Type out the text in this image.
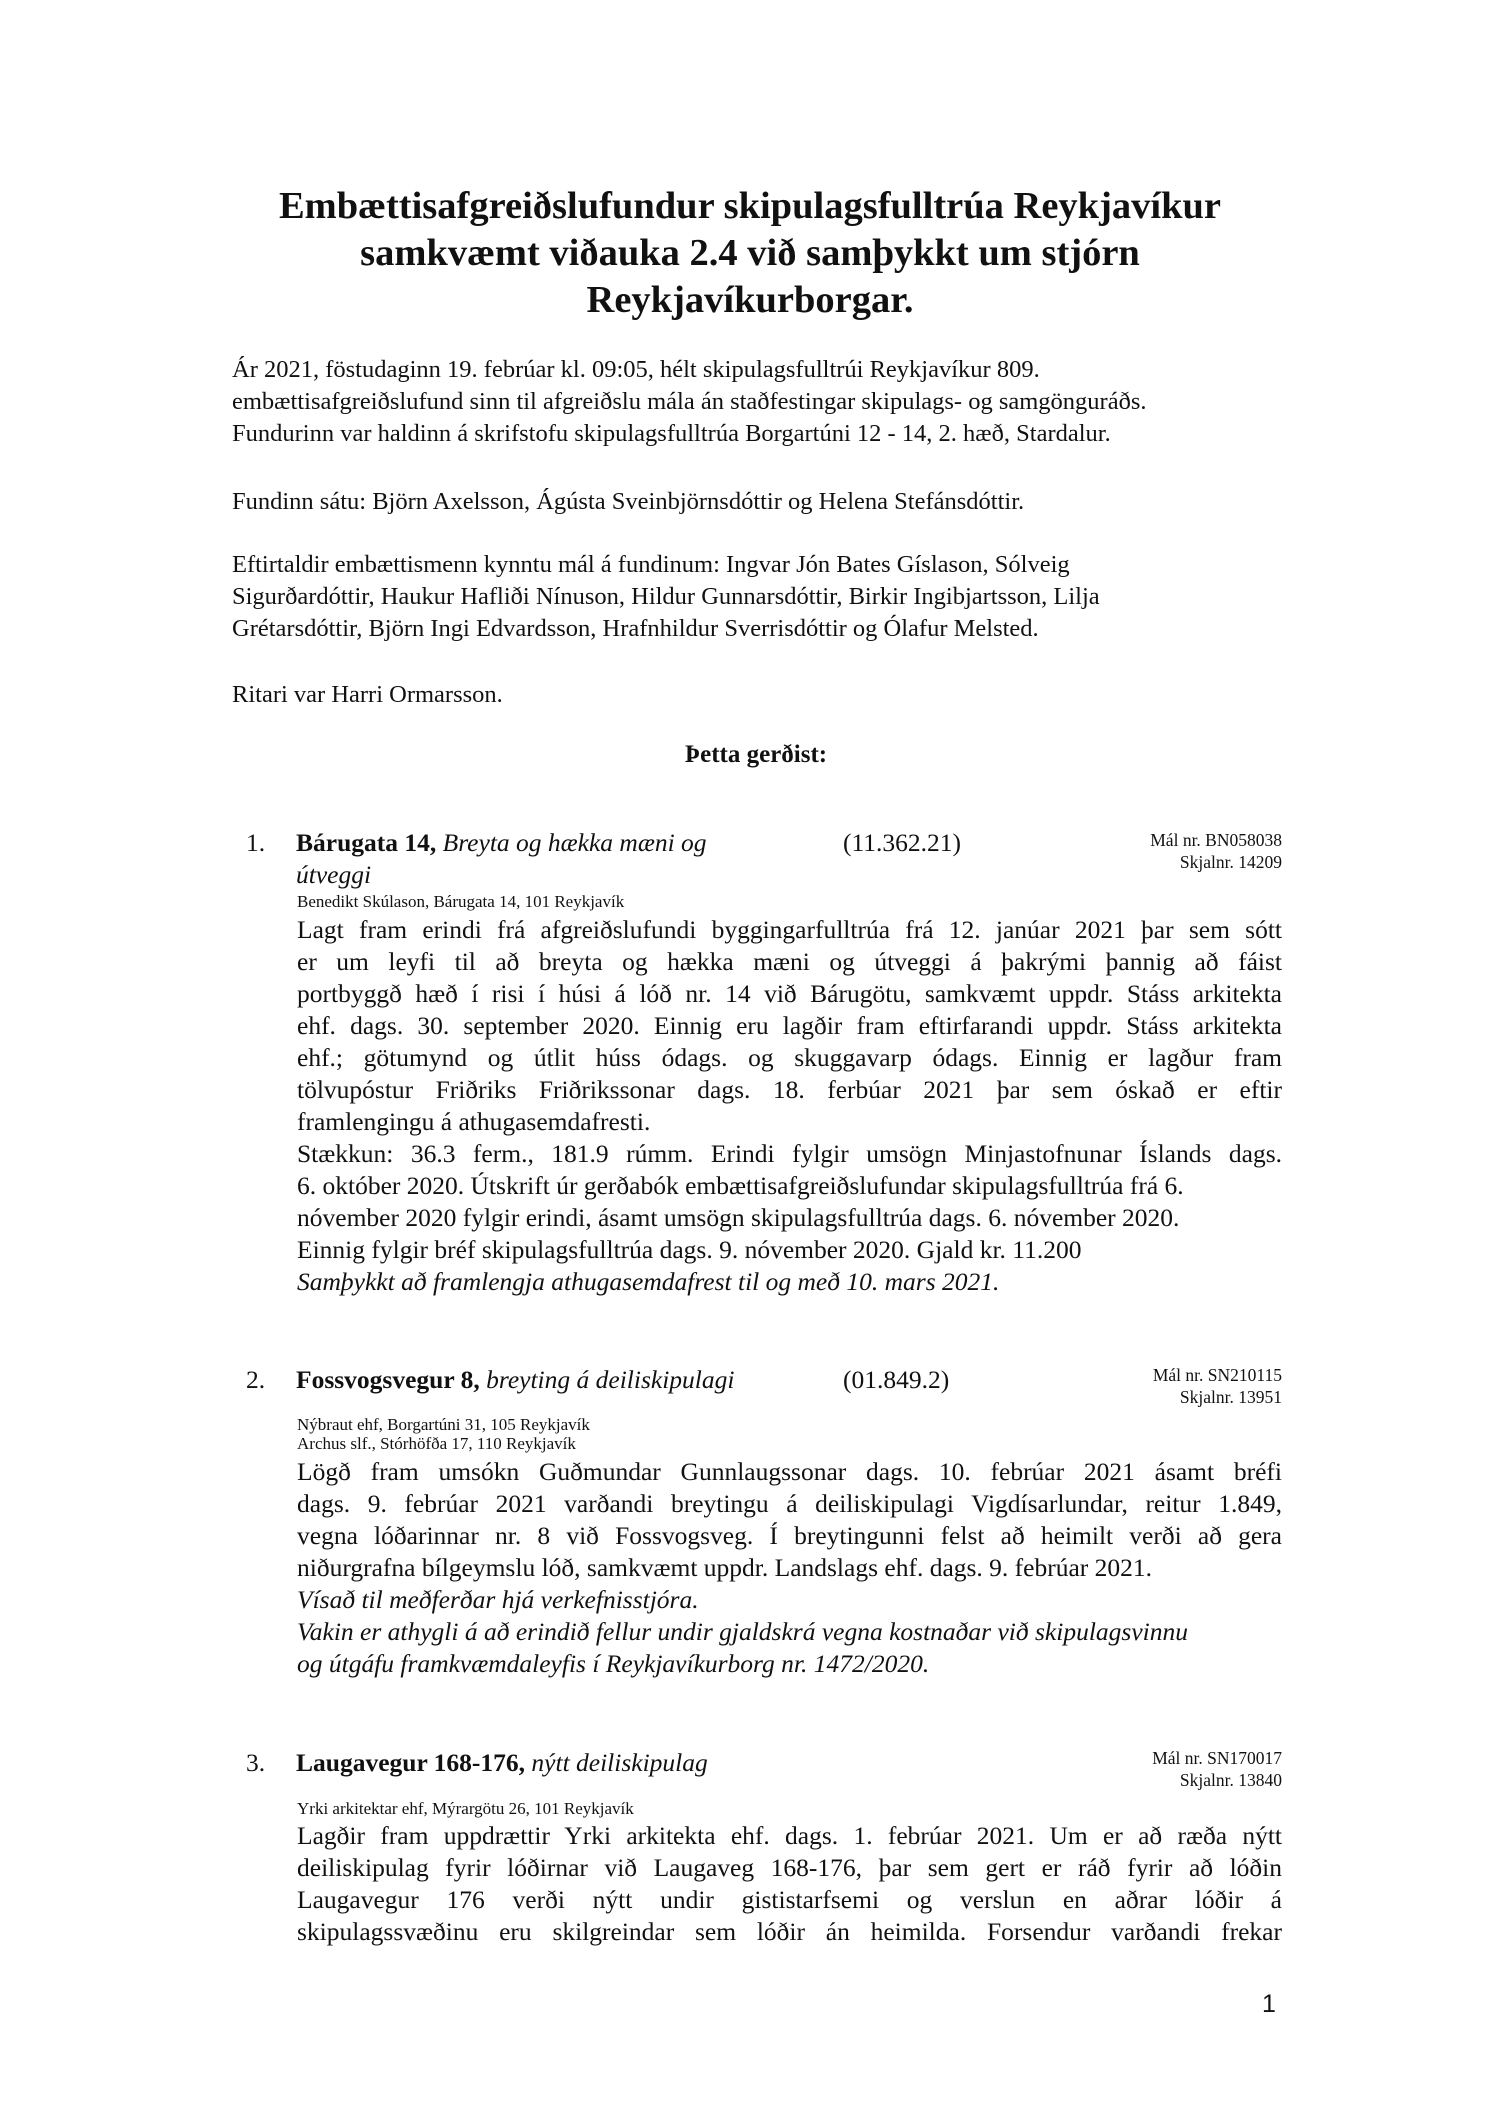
Embættisafgreiðslufundur skipulagsfulltrúa Reykjavíkur
samkvæmt viðauka 2.4 við samþykkt um stjórn
Reykjavíkurborgar.
Ár 2021, föstudaginn 19. febrúar kl. 09:05, hélt skipulagsfulltrúi Reykjavíkur 809.
embættisafgreiðslufund sinn til afgreiðslu mála án staðfestingar skipulags- og samgönguráðs.
Fundurinn var haldinn á skrifstofu skipulagsfulltrúa Borgartúni 12 - 14, 2. hæð, Stardalur.
Fundinn sátu: Björn Axelsson, Ágústa Sveinbjörnsdóttir og Helena Stefánsdóttir.
Eftirtaldir embættismenn kynntu mál á fundinum: Ingvar Jón Bates Gíslason, Sólveig
Sigurðardóttir, Haukur Hafliði Nínuson, Hildur Gunnarsdóttir, Birkir Ingibjartsson, Lilja
Grétarsdóttir, Björn Ingi Edvardsson, Hrafnhildur Sverrisdóttir og Ólafur Melsted.
Ritari var Harri Ormarsson.
Þetta gerðist:
1. Bárugata 14, Breyta og hækka mæni og
útveggi
(11.362.21)	Mál nr. BN058038
Skjalnr. 14209
Benedikt Skúlason, Bárugata 14, 101 Reykjavík
Lagt fram erindi frá afgreiðslufundi byggingarfulltrúa frá 12. janúar 2021 þar sem sótt
er um leyfi til að breyta og hækka mæni og útveggi á þakrými þannig að fáist
portbyggð hæð í risi í húsi á lóð nr. 14 við Bárugötu, samkvæmt uppdr. Stáss arkitekta
ehf. dags. 30. september 2020. Einnig eru lagðir fram eftirfarandi uppdr. Stáss arkitekta
ehf.; götumynd og útlit húss ódags. og skuggavarp ódags. Einnig er lagður fram
tölvupóstur Friðriks Friðrikssonar dags. 18. ferbúar 2021 þar sem óskað er eftir
framlengingu á athugasemdafresti.
Stækkun: 36.3 ferm., 181.9 rúmm. Erindi fylgir umsögn Minjastofnunar Íslands dags.
6. október 2020. Útskrift úr gerðabók embættisafgreiðslufundar skipulagsfulltrúa frá 6.
nóvember 2020 fylgir erindi, ásamt umsögn skipulagsfulltrúa dags. 6. nóvember 2020.
Einnig fylgir bréf skipulagsfulltrúa dags. 9. nóvember 2020. Gjald kr. 11.200
Samþykkt að framlengja athugasemdafrest til og með 10. mars 2021.
2. Fossvogsvegur 8, breyting á deiliskipulagi	(01.849.2)	Mál nr. SN210115
Skjalnr. 13951
Nýbraut ehf, Borgartúni 31, 105 Reykjavík
Archus slf., Stórhöfða 17, 110 Reykjavík
Lögð fram umsókn Guðmundar Gunnlaugssonar dags. 10. febrúar 2021 ásamt bréfi
dags. 9. febrúar 2021 varðandi breytingu á deiliskipulagi Vigdísarlundar, reitur 1.849,
vegna lóðarinnar nr. 8 við Fossvogsveg. Í breytingunni felst að heimilt verði að gera
niðurgrafna bílgeymslu lóð, samkvæmt uppdr. Landslags ehf. dags. 9. febrúar 2021.
Vísað til meðferðar hjá verkefnisstjóra.
Vakin er athygli á að erindið fellur undir gjaldskrá vegna kostnaðar við skipulagsvinnu
og útgáfu framkvæmdaleyfis í Reykjavíkurborg nr. 1472/2020.
3. Laugavegur 168-176, nýtt deiliskipulag	Mál nr. SN170017
Skjalnr. 13840
Yrki arkitektar ehf, Mýrargötu 26, 101 Reykjavík
Lagðir fram uppdrættir Yrki arkitekta ehf. dags. 1. febrúar 2021. Um er að ræða nýtt
deiliskipulag fyrir lóðirnar við Laugaveg 168-176, þar sem gert er ráð fyrir að lóðin
Laugavegur 176 verði nýtt undir gististarfsemi og verslun en aðrar lóðir á
skipulagssvæðinu eru skilgreindar sem lóðir án heimilda. Forsendur varðandi frekar
1
